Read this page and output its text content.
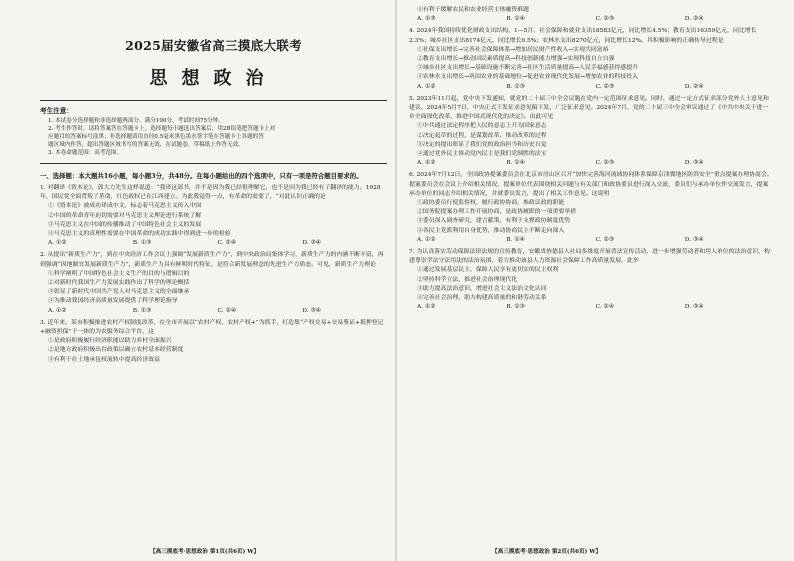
2025届安徽省高三摸底大联考
思想政治
考生注意：
1. 本试卷分选择题和非选择题两部分。满分100分，考试时间75分钟。
2. 考生作答时，请将答案答在答题卡上。选择题每小题选出答案后，用2B铅笔把答题卡上对
应题目的答案标号涂黑；非选择题请用直径0.5毫米黑色墨水签字笔在答题卡上各题的答
题区域内作答，超出答题区域书写的答案无效，在试题卷、草稿纸上作答无效。
3. 本卷命题范围：高考范围。
一、选择题：本大题共16小题，每小题3分，共48分。在每小题给出的四个选项中，只有一项是符合题目要求的。
1. 对翻译《资本论》，郭大力先生这样说道：“我译这部书，并不是因为我已经很理解它，也不是因为我已经有了翻译的能力。1928年，国民党全面背叛了革命，红色政权已在江西建立。为此我觉得一点，有革命的需要了，“对此认识正确的是
①《资本论》被成功译成中文，标志着马克思主义传入中国
②中国的革命青年迫切需要对马克思主义理论进行系统了解
③马克思主义在中国的传播推动了中国特色社会主义的发展
④马克思主义的真理性需要在中国革命的成功实践中得到进一步的检验
A. ①②	B. ①③	C. ②④	D. ③④
2. 从提出“新质生产力”，到在中央经济工作会议上强调“发展新质生产力”，到中央政治局集体学习，新质生产力的内涵不断丰富，再到强调“因地制宜发展新质生产力”，新质生产力具有鲜明时代特征，是符合新发展理念的先进生产力质态。可见，新质生产力理论
①科学阐明了中国特色社会主义生产的目的与逻辑目的
②对新时代我国生产力发展实践作出了科学的理论概括
③彰显了新时代中国共产党人对马克思主义的全面继承
④为推动我国经济高质量发展提供了科学理论指导
A. ①②	B. ①③	C. ②④	D. ③④
3. 近年来，某市积极推进农村产权制度改革，在全市开展以“农村产权、农村产权+”为抓手，打造集“产权交易+交易鉴证+抵押登记+融资担保”于一体的为农服务综合平台，这
①是政府积极履行经济职能以助力乡村全面振兴
②是地方政府积极出台政策以确立农村基本经营制度
③有利于在土地承包权流转中提高经济效益
【高三摸底考·思想政治 第1页(共6页) W】
④有利于缓解农民和农业经营主体融资难题
A. ①③	B. ①④	C. ②③	D. ②④
4. 2024年我国持续优化财政支出结构，1—5月，社会保障和就业支出18583亿元，同比增长4.5%；教育支出16359亿元，同比增长2.3%；城乡社区支出8174亿元，同比增长9.5%；农林水支出8270亿元，同比增长12%。其积极影响的正确传导过程是
①社保支出增长→完善社会保障体系→增加居民财产性收入→实现共同富裕
②教育支出增长→推动国民素质提高→科技创新能力增强→实现科技自立自强
③城乡社区支出增长→基础设施不断完善→社区生活质量提高→人民幸福感获得感提升
④农林水支出增长→巩固农业的基础地位→促进农业现代化发展→增加农业的科技投入
A. ①②	B. ①③	C. ②③	D. ②④
5. 2023年11月起，党中央下发通知，就党的二十届三中全会议题在党内一定范围征求意见。同时，通过一定方式征求部分党外人士意见和建议。2024年5月7日，中央正式下发征求意见稿下发，广泛征求意见。2024年7月，党的二十届三中全会审议通过了《中共中央关于进一步全面深化改革、推进中国式现代化的决定》。由此可见
①中共通过法定程序把人民的意志上升为国家意志
②决定起草的过程，是谋划改革、推动改革的过程
③决定的提出彰显了我们党的政治担当和历史自觉
④通过党外民主推动党内民主是我们党制胜的法宝
A. ①②	B. ①④	C. ②③	D. ③④
6. 2024年7月12日，全国政协提案委员会在北京市房山区召开“加快完善海河流域协同体系保障京津冀地区防洪安全”重点提案办理协商会。提案委员会在会议上介绍相关情况，提案单位代表围绕相关问题与有关部门和政协委员进行深入交流，委员们与承办单位作交流发言，提案承办单位的同志介绍相关情况，并就委员发言，提出了相关工作意见。这说明
①政协委员行使监督权，履行政协协商，参政议政的职能
②国务院提案办理工作开展协商，是政协履职的一项重要举措
③委员深入调查研究，建言献策，有利于支撑政协制度优势
④各民主党派利用自身优势，推动协商民主不断走向深入
A. ①②	B. ①④	C. ②③	D. ③④
7. 为认真落实劳动保障法律法规的宣传教育，安徽省旌德县人社局多维度开展普法宣传活动，进一步增强劳动者和用人单位的法治意识，构建尊崇学法守法用法的法治氛围，着力推动该县人力资源社会保障工作高质量发展。此举
①通过发展基层民主，保障人民享有更切实的民主权利
②坚持科学立法，推进社会治理现代化
③助力提高法治意识，增进社会主义法治文化认同
④完善社会治理，助力构建高质量的和谐劳动关系
A. ①②	B. ①③	C. ②④	D. ③④
【高三摸底考·思想政治 第2页(共6页) W】
